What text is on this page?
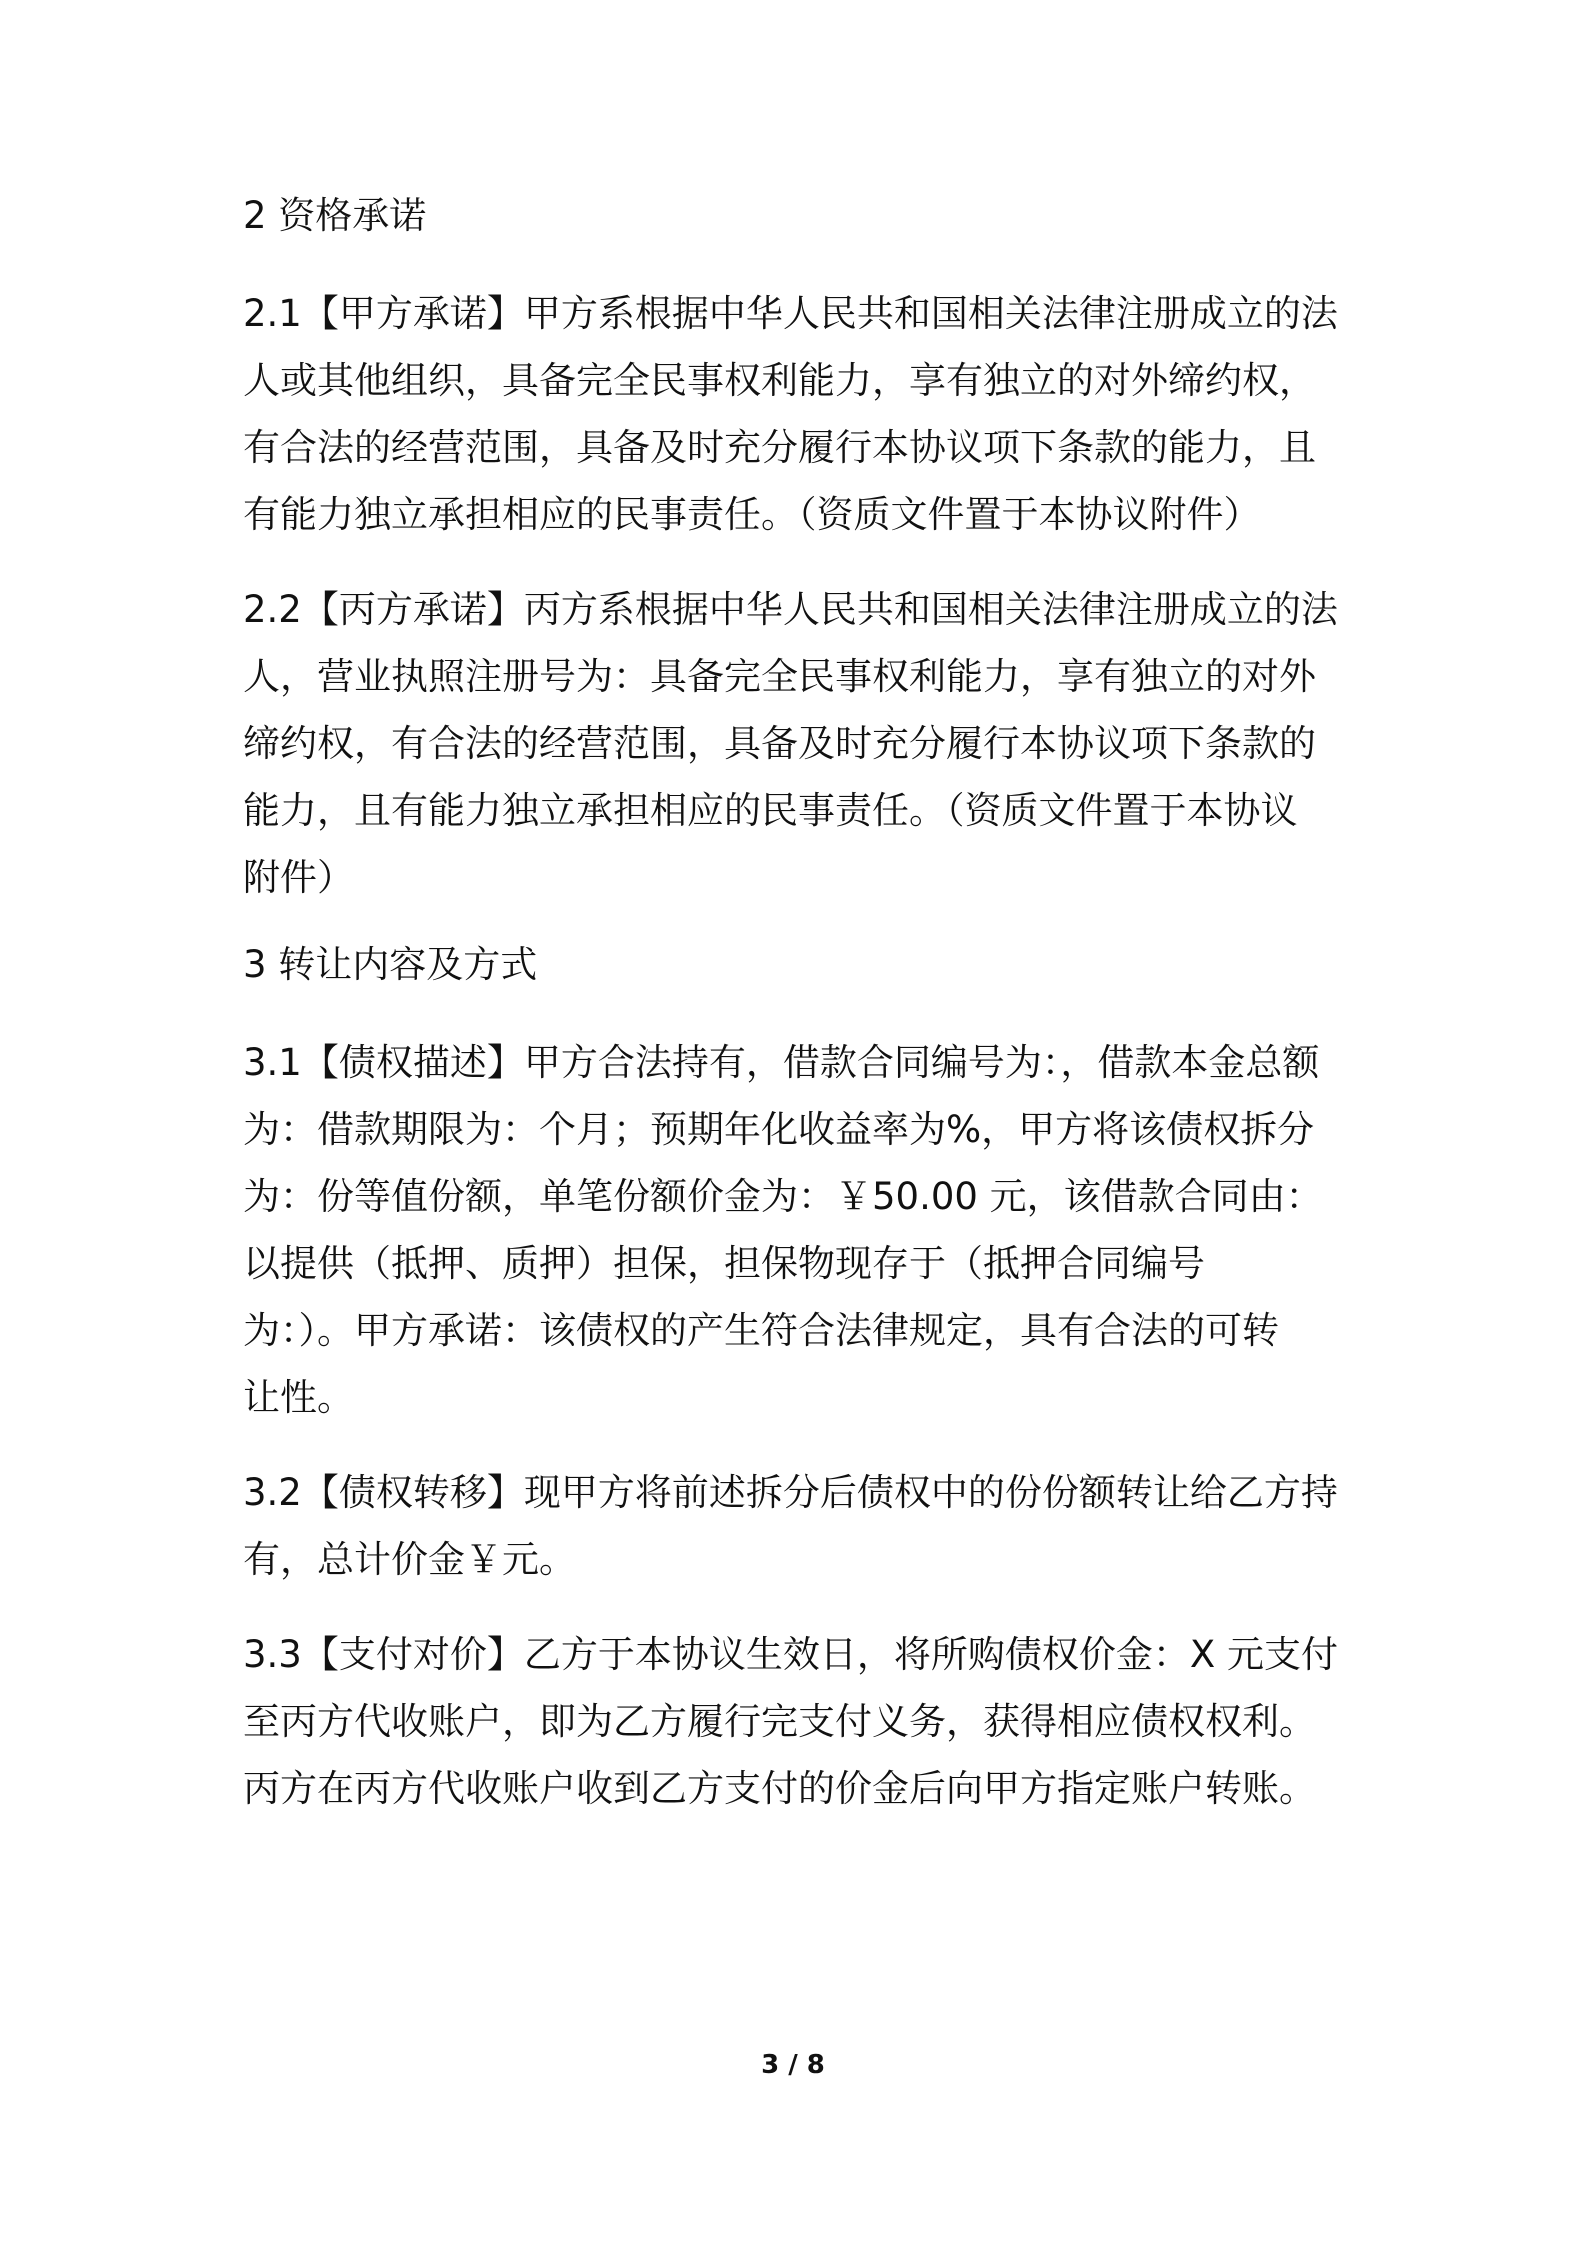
2 资格承诺
2.1【甲方承诺】甲方系根据中华人民共和国相关法律注册成立的法
人或其他组织，具备完全民事权利能力，享有独立的对外缔约权，
有合法的经营范围，具备及时充分履行本协议项下条款的能力，且
有能力独立承担相应的民事责任。（资质文件置于本协议附件）
2.2【丙方承诺】丙方系根据中华人民共和国相关法律注册成立的法
人，营业执照注册号为：具备完全民事权利能力，享有独立的对外
缔约权，有合法的经营范围，具备及时充分履行本协议项下条款的
能力，且有能力独立承担相应的民事责任。（资质文件置于本协议
附件）
3 转让内容及方式
3.1【债权描述】甲方合法持有，借款合同编号为：，借款本金总额
为：借款期限为：个月；预期年化收益率为%，甲方将该债权拆分
为：份等值份额，单笔份额价金为：￥50.00 元，该借款合同由：
以提供（抵押、质押）担保，担保物现存于（抵押合同编号
为：）。甲方承诺：该债权的产生符合法律规定，具有合法的可转
让性。
3.2【债权转移】现甲方将前述拆分后债权中的份份额转让给乙方持
有，总计价金￥元。
3.3【支付对价】乙方于本协议生效日，将所购债权价金：X 元支付
至丙方代收账户，即为乙方履行完支付义务，获得相应债权权利。
丙方在丙方代收账户收到乙方支付的价金后向甲方指定账户转账。
3 / 8
